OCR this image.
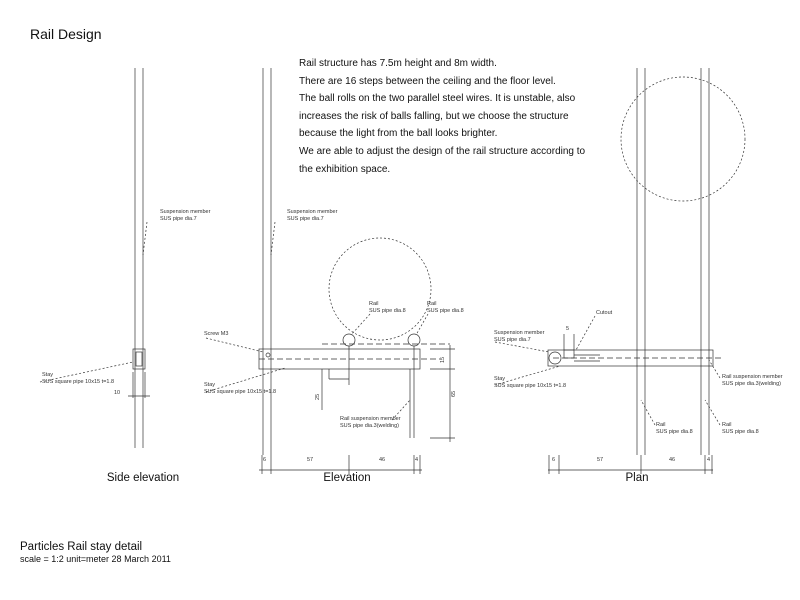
Rail Design
Rail structure has 7.5m height and 8m width.
There are 16 steps between the ceiling and the floor level.
The ball rolls on the two parallel steel wires. It is unstable, also
increases the risk of balls falling, but we choose the structure
because the light from the ball looks brighter.
We are able to adjust the design of the rail structure according to
the exhibition space.
Suspension member
SUS pipe dia.7
Stay
SUS square pipe 10x15 t=1.8
10
Suspension member
SUS pipe dia.7
Rail
SUS pipe dia.8
Rail
SUS pipe dia.8
Screw M3
Stay
SUS square pipe 10x15 t=1.8
Rail suspension member
SUS pipe dia.3(welding)
6	57	46	4
15
25	65
Cutout
5
Suspension member
SUS pipe dia.7
Stay
SUS square pipe 10x15 t=1.8
Rail suspension member
SUS pipe dia.3(welding)
Rail
SUS pipe dia.8
Rail
SUS pipe dia.8
6	57	46	4
Side elevation	Elevation	Plan
Particles Rail stay detail
scale = 1:2 unit=meter 28 March 2011
